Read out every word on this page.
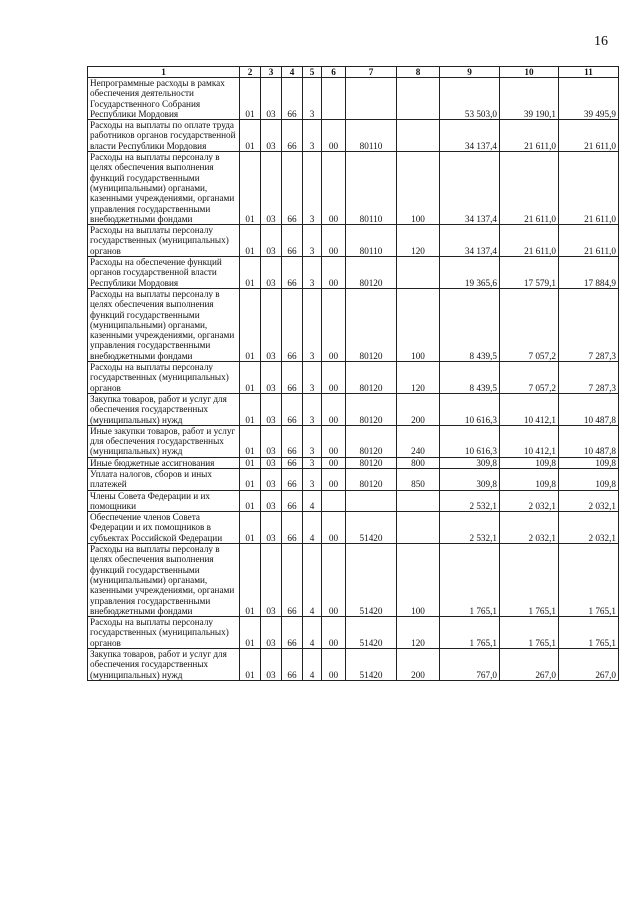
16
1	2	3	4	5	6	7	8	9	10	11
Непрограммные расходы в рамках обеспечения деятельности Государственного Собрания Республики Мордовия	01	03	66	3				53 503,0	39 190,1	39 495,9
Расходы на выплаты по оплате труда работников органов государственной власти Республики Мордовия	01	03	66	3	00	80110		34 137,4	21 611,0	21 611,0
Расходы на выплаты персоналу в целях обеспечения выполнения функций государственными (муниципальными) органами, казенными учреждениями, органами управления государственными внебюджетными фондами	01	03	66	3	00	80110	100	34 137,4	21 611,0	21 611,0
Расходы на выплаты персоналу государственных (муниципальных) органов	01	03	66	3	00	80110	120	34 137,4	21 611,0	21 611,0
Расходы на обеспечение функций органов государственной власти Республики Мордовия	01	03	66	3	00	80120		19 365,6	17 579,1	17 884,9
Расходы на выплаты персоналу в целях обеспечения выполнения функций государственными (муниципальными) органами, казенными учреждениями, органами управления государственными внебюджетными фондами	01	03	66	3	00	80120	100	8 439,5	7 057,2	7 287,3
Расходы на выплаты персоналу государственных (муниципальных) органов	01	03	66	3	00	80120	120	8 439,5	7 057,2	7 287,3
Закупка товаров, работ и услуг для обеспечения государственных (муниципальных) нужд	01	03	66	3	00	80120	200	10 616,3	10 412,1	10 487,8
Иные закупки товаров, работ и услуг для обеспечения государственных (муниципальных) нужд	01	03	66	3	00	80120	240	10 616,3	10 412,1	10 487,8
Иные бюджетные ассигнования	01	03	66	3	00	80120	800	309,8	109,8	109,8
Уплата налогов, сборов и иных платежей	01	03	66	3	00	80120	850	309,8	109,8	109,8
Члены Совета Федерации и их помощники	01	03	66	4				2 532,1	2 032,1	2 032,1
Обеспечение членов Совета Федерации и их помощников в субъектах Российской Федерации	01	03	66	4	00	51420		2 532,1	2 032,1	2 032,1
Расходы на выплаты персоналу в целях обеспечения выполнения функций государственными (муниципальными) органами, казенными учреждениями, органами управления государственными внебюджетными фондами	01	03	66	4	00	51420	100	1 765,1	1 765,1	1 765,1
Расходы на выплаты персоналу государственных (муниципальных) органов	01	03	66	4	00	51420	120	1 765,1	1 765,1	1 765,1
Закупка товаров, работ и услуг для обеспечения государственных (муниципальных) нужд	01	03	66	4	00	51420	200	767,0	267,0	267,0
